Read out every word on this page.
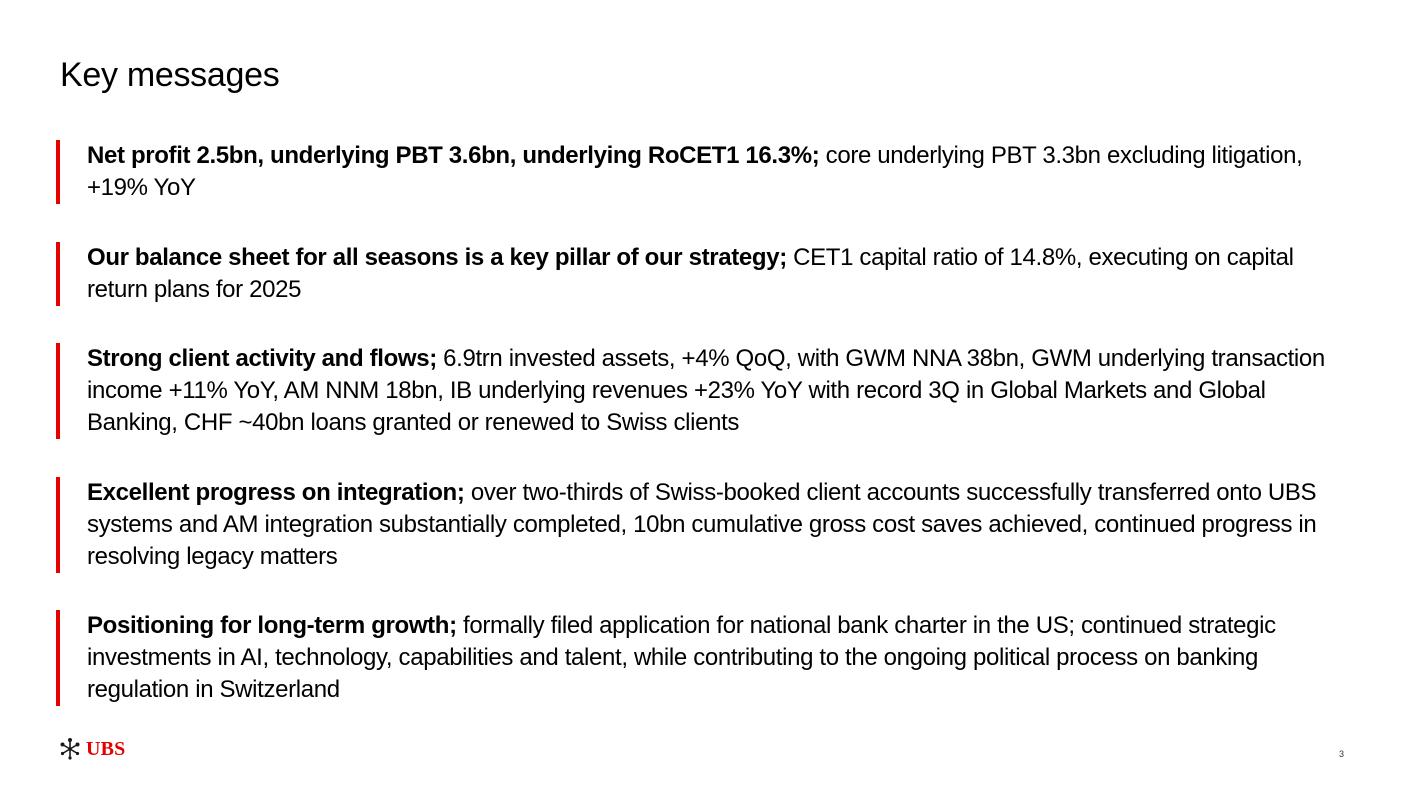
Key messages
Net profit 2.5bn, underlying PBT 3.6bn, underlying RoCET1 16.3%; core underlying PBT 3.3bn excluding litigation, +19% YoY
Our balance sheet for all seasons is a key pillar of our strategy; CET1 capital ratio of 14.8%, executing on capital return plans for 2025
Strong client activity and flows; 6.9trn invested assets, +4% QoQ, with GWM NNA 38bn, GWM underlying transaction income +11% YoY, AM NNM 18bn, IB underlying revenues +23% YoY with record 3Q in Global Markets and Global Banking, CHF ~40bn loans granted or renewed to Swiss clients
Excellent progress on integration; over two-thirds of Swiss-booked client accounts successfully transferred onto UBS systems and AM integration substantially completed, 10bn cumulative gross cost saves achieved, continued progress in resolving legacy matters
Positioning for long-term growth; formally filed application for national bank charter in the US; continued strategic investments in AI, technology, capabilities and talent, while contributing to the ongoing political process on banking regulation in Switzerland
UBS	3
